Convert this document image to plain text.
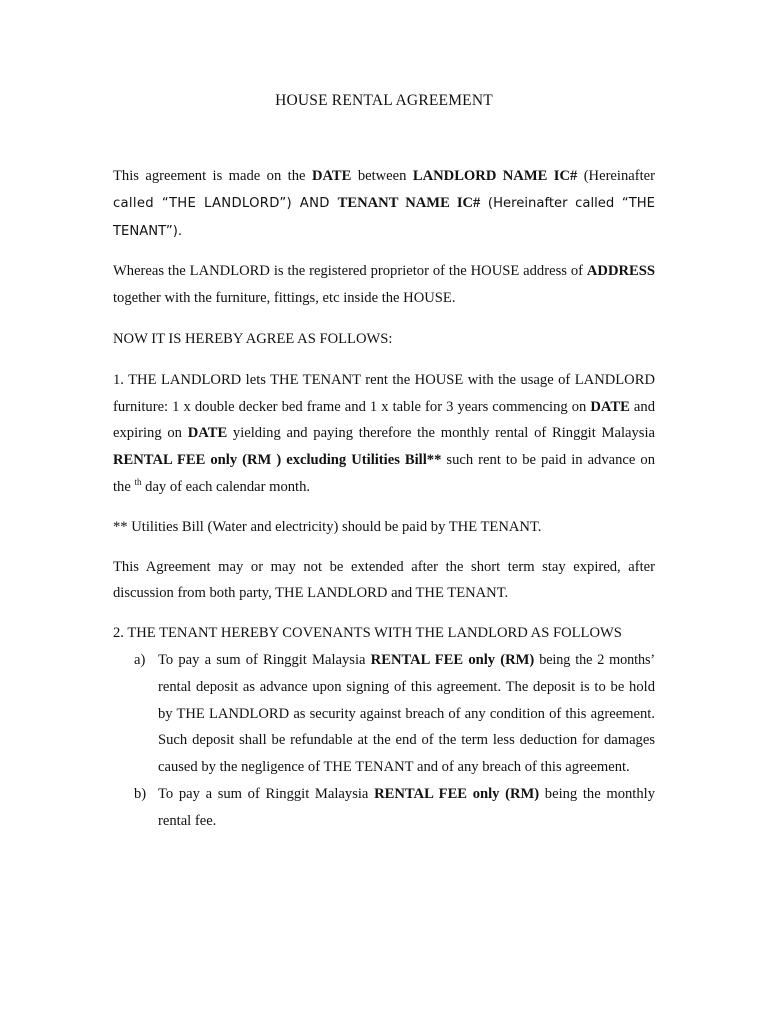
HOUSE RENTAL AGREEMENT

This agreement is made on the DATE between LANDLORD NAME IC# (Hereinafter called “THE LANDLORD”) AND TENANT NAME IC# (Hereinafter called “THE TENANT”).

Whereas the LANDLORD is the registered proprietor of the HOUSE address of ADDRESS together with the furniture, fittings, etc inside the HOUSE.

NOW IT IS HEREBY AGREE AS FOLLOWS:

1. THE LANDLORD lets THE TENANT rent the HOUSE with the usage of LANDLORD furniture: 1 x double decker bed frame and 1 x table for 3 years commencing on DATE and expiring on DATE yielding and paying therefore the monthly rental of Ringgit Malaysia RENTAL FEE only (RM ) excluding Utilities Bill** such rent to be paid in advance on the $^{th}$ day of each calendar month.

** Utilities Bill (Water and electricity) should be paid by THE TENANT.

This Agreement may or may not be extended after the short term stay expired, after discussion from both party, THE LANDLORD and THE TENANT.

2. THE TENANT HEREBY COVENANTS WITH THE LANDLORD AS FOLLOWS

a) To pay a sum of Ringgit Malaysia RENTAL FEE only (RM) being the 2 months’ rental deposit as advance upon signing of this agreement. The deposit is to be hold by THE LANDLORD as security against breach of any condition of this agreement. Such deposit shall be refundable at the end of the term less deduction for damages caused by the negligence of THE TENANT and of any breach of this agreement.

b) To pay a sum of Ringgit Malaysia RENTAL FEE only (RM) being the monthly rental fee.
